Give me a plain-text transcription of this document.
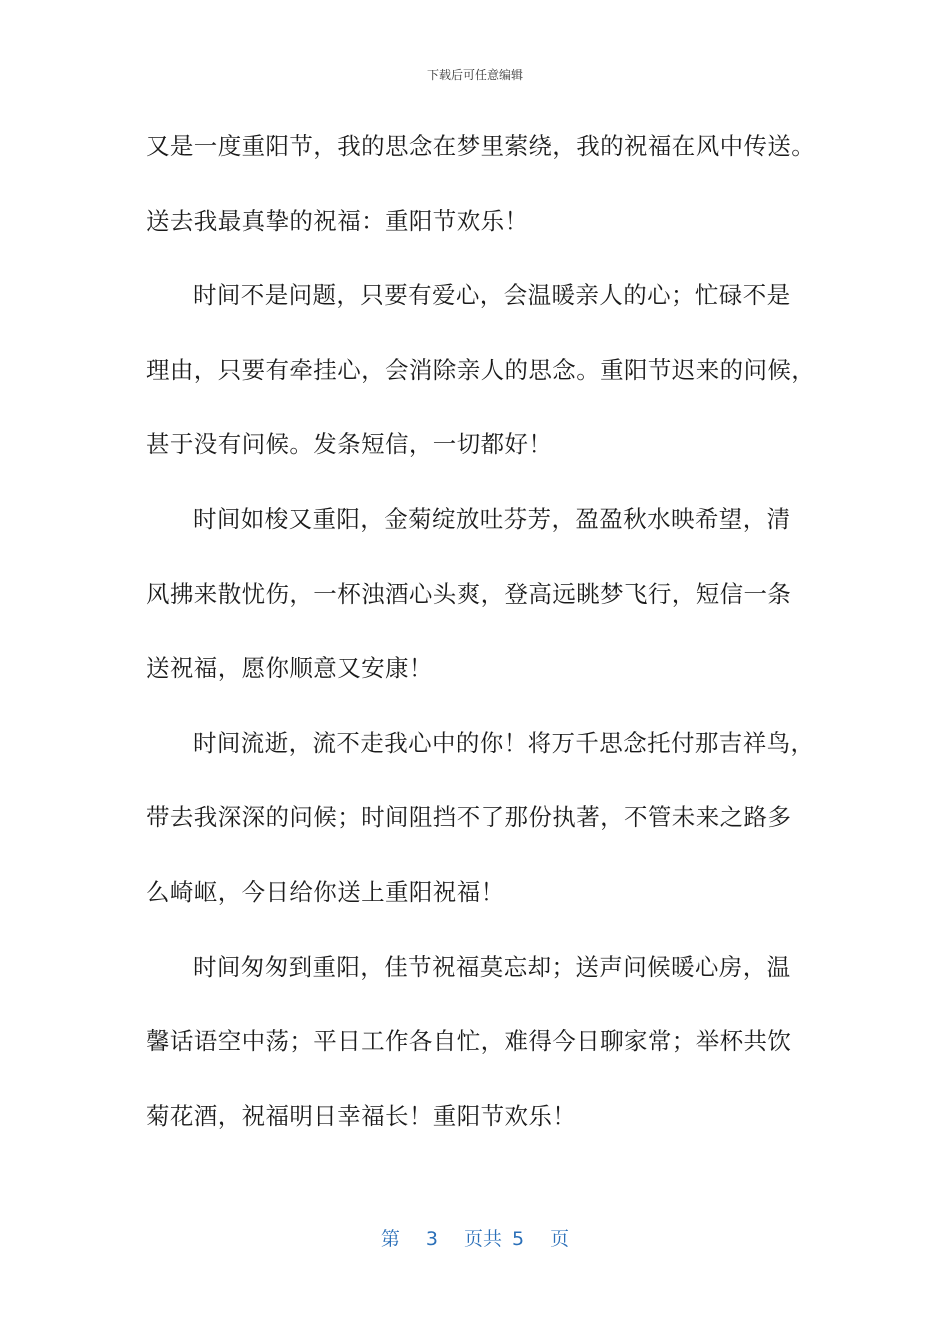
下载后可任意编辑
又是一度重阳节，我的思念在梦里萦绕，我的祝福在风中传送。
送去我最真挚的祝福：重阳节欢乐！
时间不是问题，只要有爱心，会温暖亲人的心；忙碌不是
理由，只要有牵挂心，会消除亲人的思念。重阳节迟来的问候，
甚于没有问候。发条短信，一切都好！
时间如梭又重阳，金菊绽放吐芬芳，盈盈秋水映希望，清
风拂来散忧伤，一杯浊酒心头爽，登高远眺梦飞行，短信一条
送祝福，愿你顺意又安康！
时间流逝，流不走我心中的你！将万千思念托付那吉祥鸟，
带去我深深的问候；时间阻挡不了那份执著，不管未来之路多
么崎岖，今日给你送上重阳祝福！
时间匆匆到重阳，佳节祝福莫忘却；送声问候暖心房，温
馨话语空中荡；平日工作各自忙，难得今日聊家常；举杯共饮
菊花酒，祝福明日幸福长！重阳节欢乐！
第 3 页共 5 页
